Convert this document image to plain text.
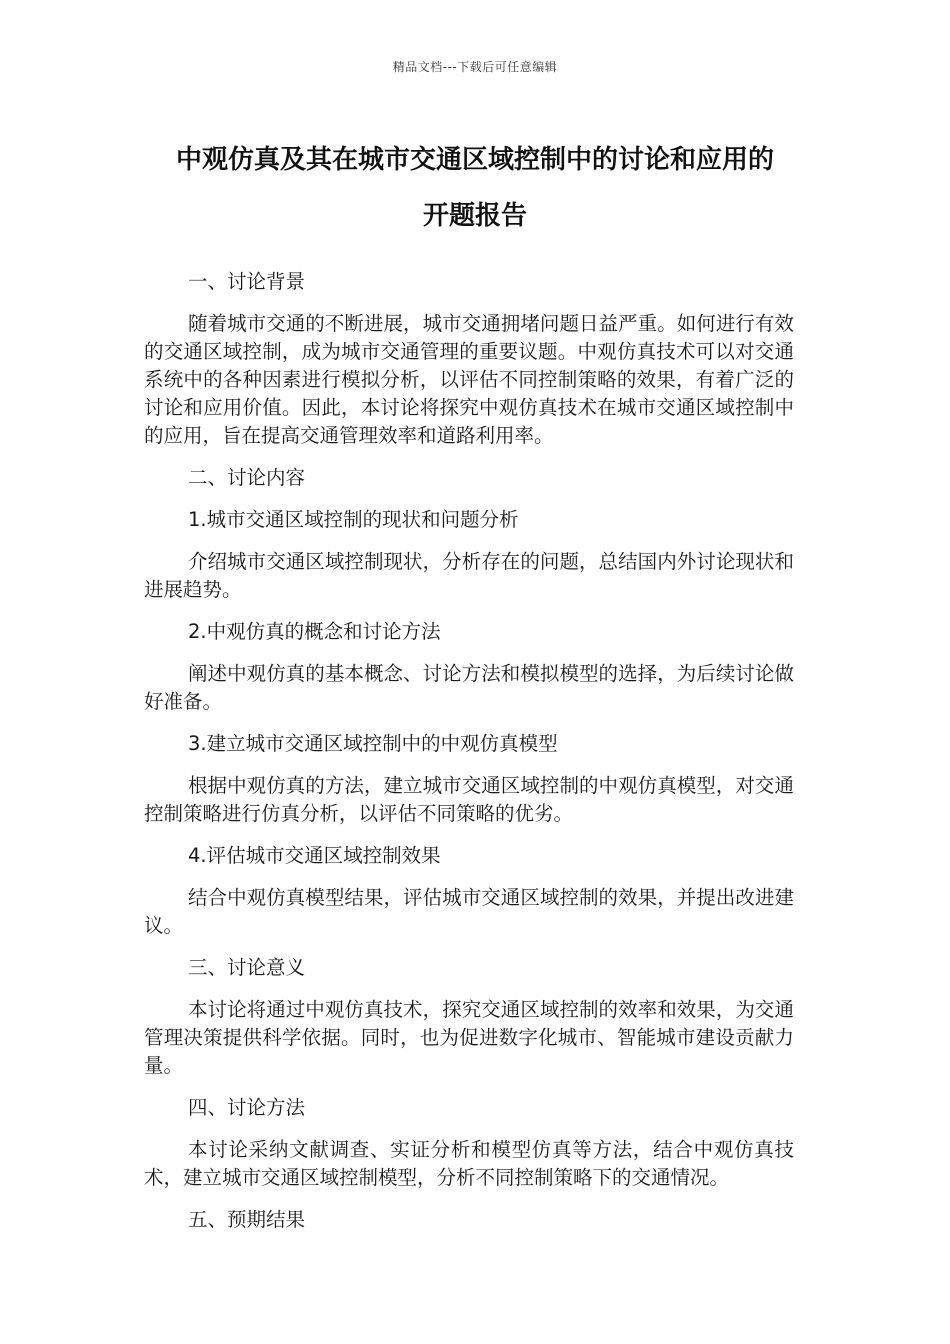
精品文档---下载后可任意编辑
中观仿真及其在城市交通区域控制中的讨论和应用的
开题报告

一、讨论背景

随着城市交通的不断进展，城市交通拥堵问题日益严重。如何进行有效的交通区域控制，成为城市交通管理的重要议题。中观仿真技术可以对交通系统中的各种因素进行模拟分析，以评估不同控制策略的效果，有着广泛的讨论和应用价值。因此，本讨论将探究中观仿真技术在城市交通区域控制中的应用，旨在提高交通管理效率和道路利用率。

二、讨论内容

1.城市交通区域控制的现状和问题分析

介绍城市交通区域控制现状，分析存在的问题，总结国内外讨论现状和进展趋势。

2.中观仿真的概念和讨论方法

阐述中观仿真的基本概念、讨论方法和模拟模型的选择，为后续讨论做好准备。

3.建立城市交通区域控制中的中观仿真模型

根据中观仿真的方法，建立城市交通区域控制的中观仿真模型，对交通控制策略进行仿真分析，以评估不同策略的优劣。

4.评估城市交通区域控制效果

结合中观仿真模型结果，评估城市交通区域控制的效果，并提出改进建议。

三、讨论意义

本讨论将通过中观仿真技术，探究交通区域控制的效率和效果，为交通管理决策提供科学依据。同时，也为促进数字化城市、智能城市建设贡献力量。

四、讨论方法

本讨论采纳文献调查、实证分析和模型仿真等方法，结合中观仿真技术，建立城市交通区域控制模型，分析不同控制策略下的交通情况。

五、预期结果
